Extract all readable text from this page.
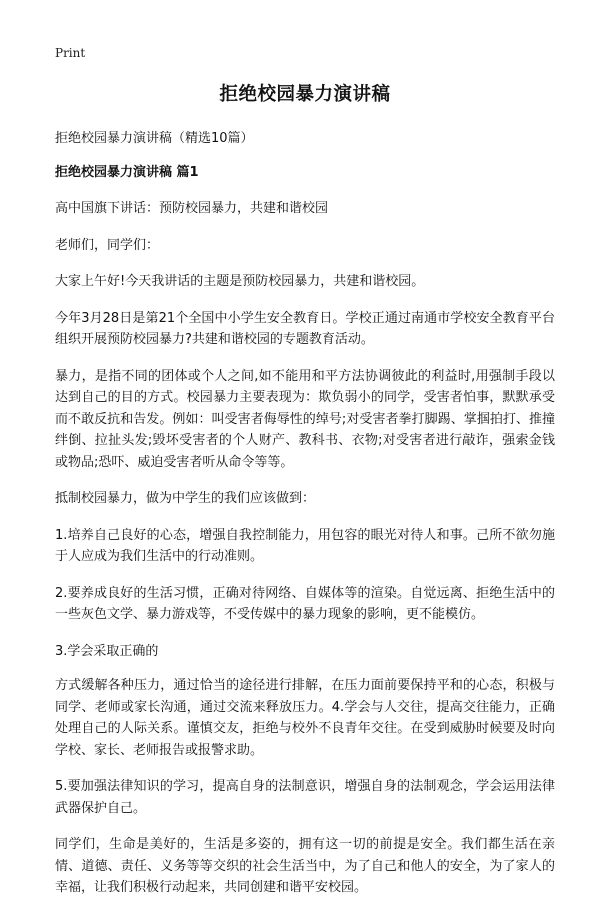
Print
拒绝校园暴力演讲稿

拒绝校园暴力演讲稿（精选10篇）

拒绝校园暴力演讲稿 篇1

高中国旗下讲话：预防校园暴力，共建和谐校园

老师们，同学们：

大家上午好!今天我讲话的主题是预防校园暴力，共建和谐校园。

今年3月28日是第21个全国中小学生安全教育日。学校正通过南通市学校安全教育平台组织开展预防校园暴力?共建和谐校园的专题教育活动。

暴力，是指不同的团体或个人之间,如不能用和平方法协调彼此的利益时,用强制手段以达到自己的目的方式。校园暴力主要表现为：欺负弱小的同学，受害者怕事，默默承受而不敢反抗和告发。例如：叫受害者侮辱性的绰号;对受害者拳打脚踢、掌掴拍打、推撞绊倒、拉扯头发;毁坏受害者的个人财产、教科书、衣物;对受害者进行敲诈，强索金钱或物品;恐吓、威迫受害者听从命令等等。

抵制校园暴力，做为中学生的我们应该做到：

1.培养自己良好的心态，增强自我控制能力，用包容的眼光对待人和事。己所不欲勿施于人应成为我们生活中的行动准则。

2.要养成良好的生活习惯，正确对待网络、自媒体等的渲染。自觉远离、拒绝生活中的一些灰色文学、暴力游戏等，不受传媒中的暴力现象的影响，更不能模仿。

3.学会采取正确的

方式缓解各种压力，通过恰当的途径进行排解，在压力面前要保持平和的心态，积极与同学、老师或家长沟通，通过交流来释放压力。4.学会与人交往，提高交往能力，正确处理自己的人际关系。谨慎交友，拒绝与校外不良青年交往。在受到威胁时候要及时向学校、家长、老师报告或报警求助。

5.要加强法律知识的学习，提高自身的法制意识，增强自身的法制观念，学会运用法律武器保护自己。

同学们，生命是美好的，生活是多姿的，拥有这一切的前提是安全。我们都生活在亲情、道德、责任、义务等等交织的社会生活当中，为了自己和他人的安全，为了家人的幸福，让我们积极行动起来，共同创建和谐平安校园。
